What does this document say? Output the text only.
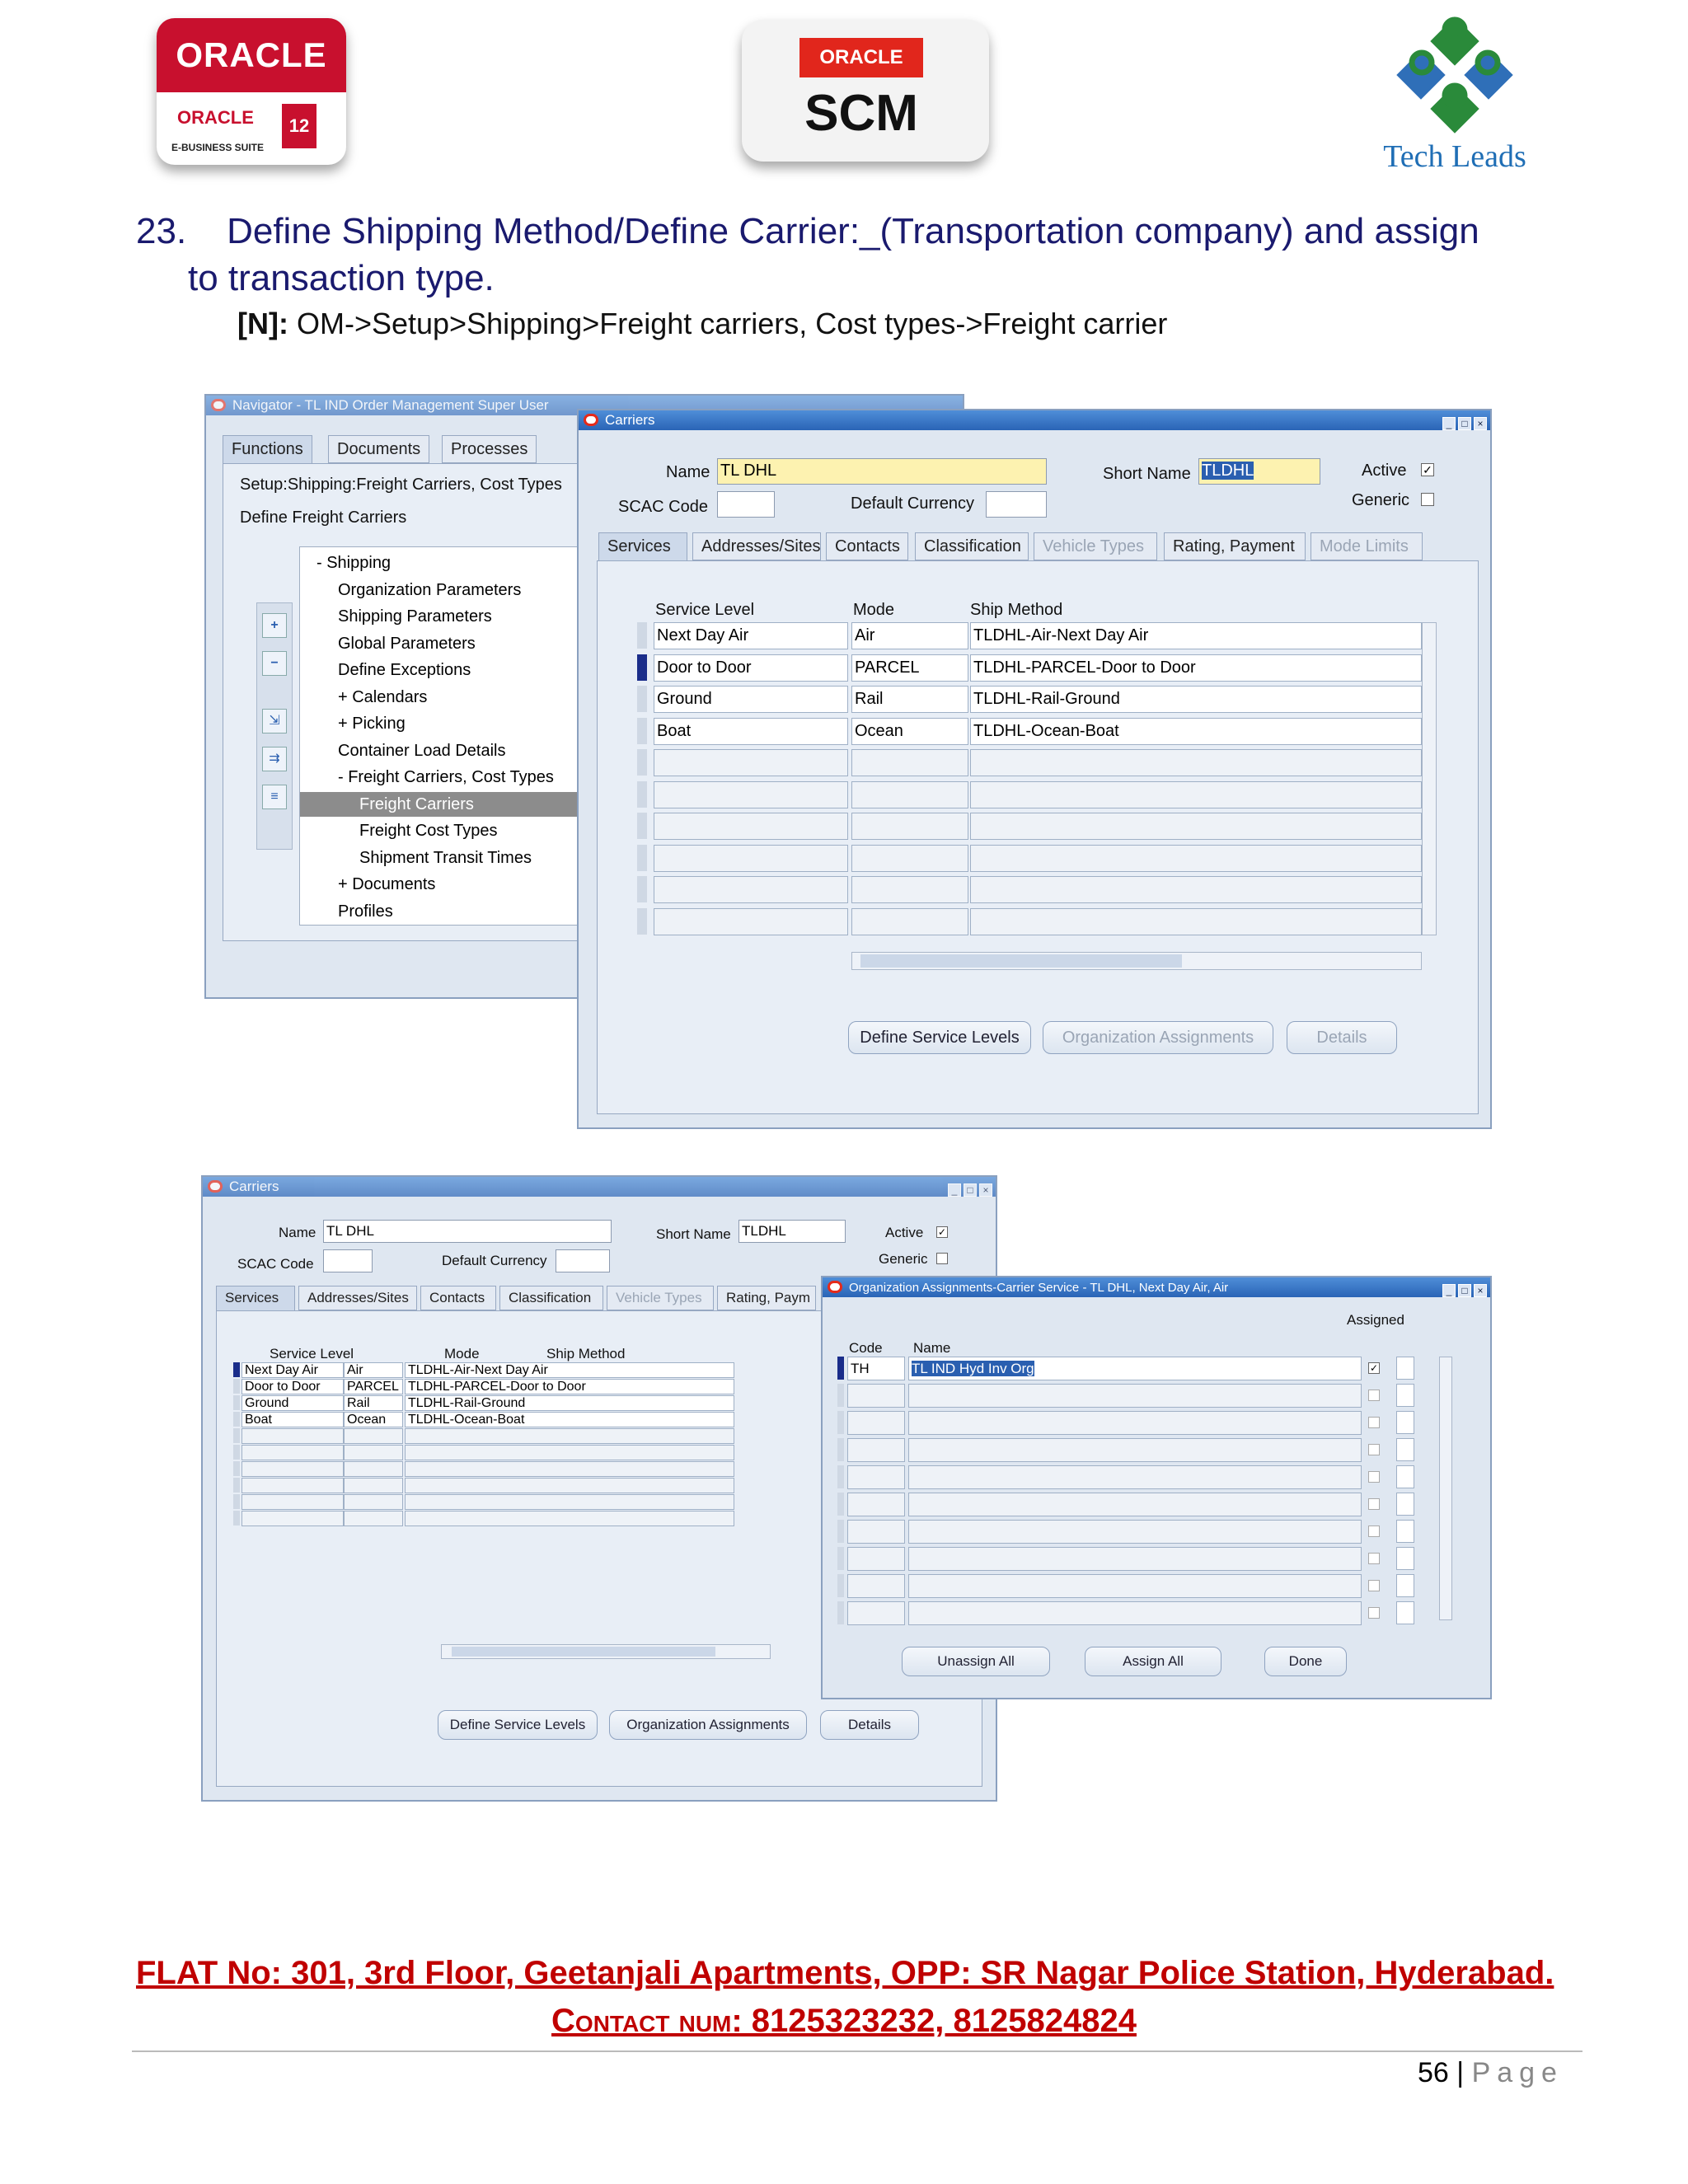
ORACLE
ORACLE
E-BUSINESS SUITE
12
ORACLE
SCM
Tech Leads
23. Define Shipping Method/Define Carrier:_(Transportation company) and assign
to transaction type.
[N]: OM->Setup>Shipping>Freight carriers, Cost types->Freight carrier
Navigator - TL IND Order Management Super User
Functions	Documents	Processes
Setup:Shipping:Freight Carriers, Cost Types
Define Freight Carriers
+
−
⇲
⇉
≡
- Shipping
Organization Parameters
Shipping Parameters
Global Parameters
Define Exceptions
+ Calendars
+ Picking
Container Load Details
- Freight Carriers, Cost Types
Freight Carriers
Freight Cost Types
Shipment Transit Times
+ Documents
Profiles
Carriers	_ □ ×
Name TL DHL	Short Name TLDHL	Active ✓
Generic
SCAC Code	Default Currency
Service Level	Mode	Ship Method
Define Service Levels	Organization Assignments	Details
Next Day Air	Air	TLDHL-Air-Next Day Air
Door to Door	PARCEL	TLDHL-PARCEL-Door to Door
Ground	Rail	TLDHL-Rail-Ground
Boat	Ocean	TLDHL-Ocean-Boat
Services	Addresses/Sites Contacts	Classification	Vehicle Types	Rating, Payment	Mode Limits
Carriers	_ □ ×
Name TL DHL	Short Name TLDHL	Active ✓
Generic
SCAC Code	Default Currency
Service Level	Mode	Ship Method
Define Service Levels	Organization Assignments	Details
Next Day Air	Air	TLDHL-Air-Next Day Air
Door to Door	PARCEL TLDHL-PARCEL-Door to Door
Ground	Rail	TLDHL-Rail-Ground
Boat	Ocean	TLDHL-Ocean-Boat
Services	Addresses/Sites	Contacts	Classification	Vehicle Types	Rating, Paym
Organization Assignments-Carrier Service - TL DHL, Next Day Air, Air	_ □ ×
Assigned
Code Name
Unassign All	Assign All	Done
TH	TL IND Hyd Inv Org	✓
FLAT No: 301, 3rd Floor, Geetanjali Apartments, OPP: SR Nagar Police Station, Hyderabad.
Contact num: 8125323232, 8125824824
56 | Page
